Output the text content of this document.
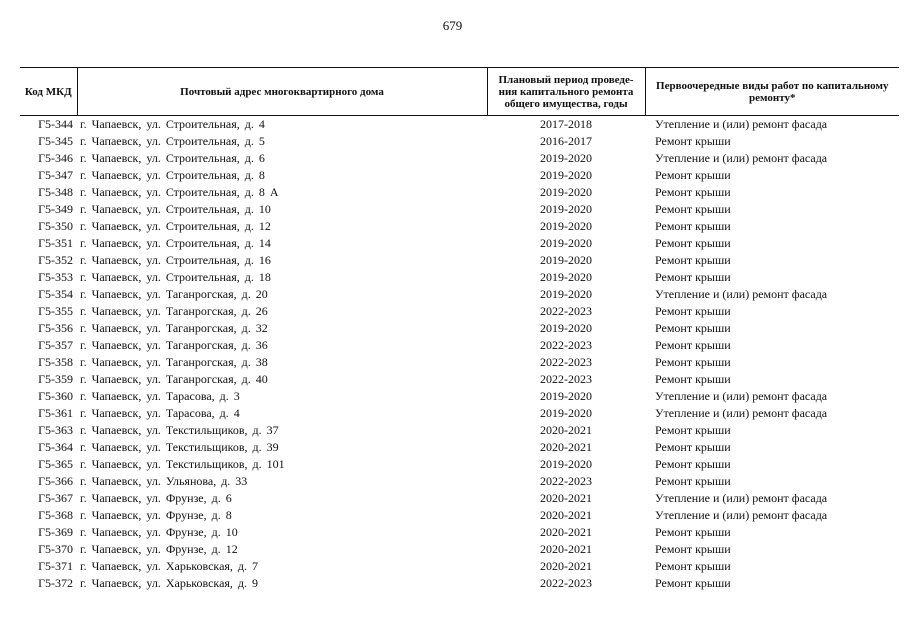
679
Код МКД	Почтовый адрес многоквартирного дома	Плановый период проведе-ния капитального ремонта общего имущества, годы	Первоочередные виды работ по капитальному ремонту*
Г5-344	г. Чапаевск, ул. Строительная, д. 4	2017-2018	Утепление и (или) ремонт фасада
Г5-345	г. Чапаевск, ул. Строительная, д. 5	2016-2017	Ремонт крыши
Г5-346	г. Чапаевск, ул. Строительная, д. 6	2019-2020	Утепление и (или) ремонт фасада
Г5-347	г. Чапаевск, ул. Строительная, д. 8	2019-2020	Ремонт крыши
Г5-348	г. Чапаевск, ул. Строительная, д. 8 А	2019-2020	Ремонт крыши
Г5-349	г. Чапаевск, ул. Строительная, д. 10	2019-2020	Ремонт крыши
Г5-350	г. Чапаевск, ул. Строительная, д. 12	2019-2020	Ремонт крыши
Г5-351	г. Чапаевск, ул. Строительная, д. 14	2019-2020	Ремонт крыши
Г5-352	г. Чапаевск, ул. Строительная, д. 16	2019-2020	Ремонт крыши
Г5-353	г. Чапаевск, ул. Строительная, д. 18	2019-2020	Ремонт крыши
Г5-354	г. Чапаевск, ул. Таганрогская, д. 20	2019-2020	Утепление и (или) ремонт фасада
Г5-355	г. Чапаевск, ул. Таганрогская, д. 26	2022-2023	Ремонт крыши
Г5-356	г. Чапаевск, ул. Таганрогская, д. 32	2019-2020	Ремонт крыши
Г5-357	г. Чапаевск, ул. Таганрогская, д. 36	2022-2023	Ремонт крыши
Г5-358	г. Чапаевск, ул. Таганрогская, д. 38	2022-2023	Ремонт крыши
Г5-359	г. Чапаевск, ул. Таганрогская, д. 40	2022-2023	Ремонт крыши
Г5-360	г. Чапаевск, ул. Тарасова, д. 3	2019-2020	Утепление и (или) ремонт фасада
Г5-361	г. Чапаевск, ул. Тарасова, д. 4	2019-2020	Утепление и (или) ремонт фасада
Г5-363	г. Чапаевск, ул. Текстильщиков, д. 37	2020-2021	Ремонт крыши
Г5-364	г. Чапаевск, ул. Текстильщиков, д. 39	2020-2021	Ремонт крыши
Г5-365	г. Чапаевск, ул. Текстильщиков, д. 101	2019-2020	Ремонт крыши
Г5-366	г. Чапаевск, ул. Ульянова, д. 33	2022-2023	Ремонт крыши
Г5-367	г. Чапаевск, ул. Фрунзе, д. 6	2020-2021	Утепление и (или) ремонт фасада
Г5-368	г. Чапаевск, ул. Фрунзе, д. 8	2020-2021	Утепление и (или) ремонт фасада
Г5-369	г. Чапаевск, ул. Фрунзе, д. 10	2020-2021	Ремонт крыши
Г5-370	г. Чапаевск, ул. Фрунзе, д. 12	2020-2021	Ремонт крыши
Г5-371	г. Чапаевск, ул. Харьковская, д. 7	2020-2021	Ремонт крыши
Г5-372	г. Чапаевск, ул. Харьковская, д. 9	2022-2023	Ремонт крыши
